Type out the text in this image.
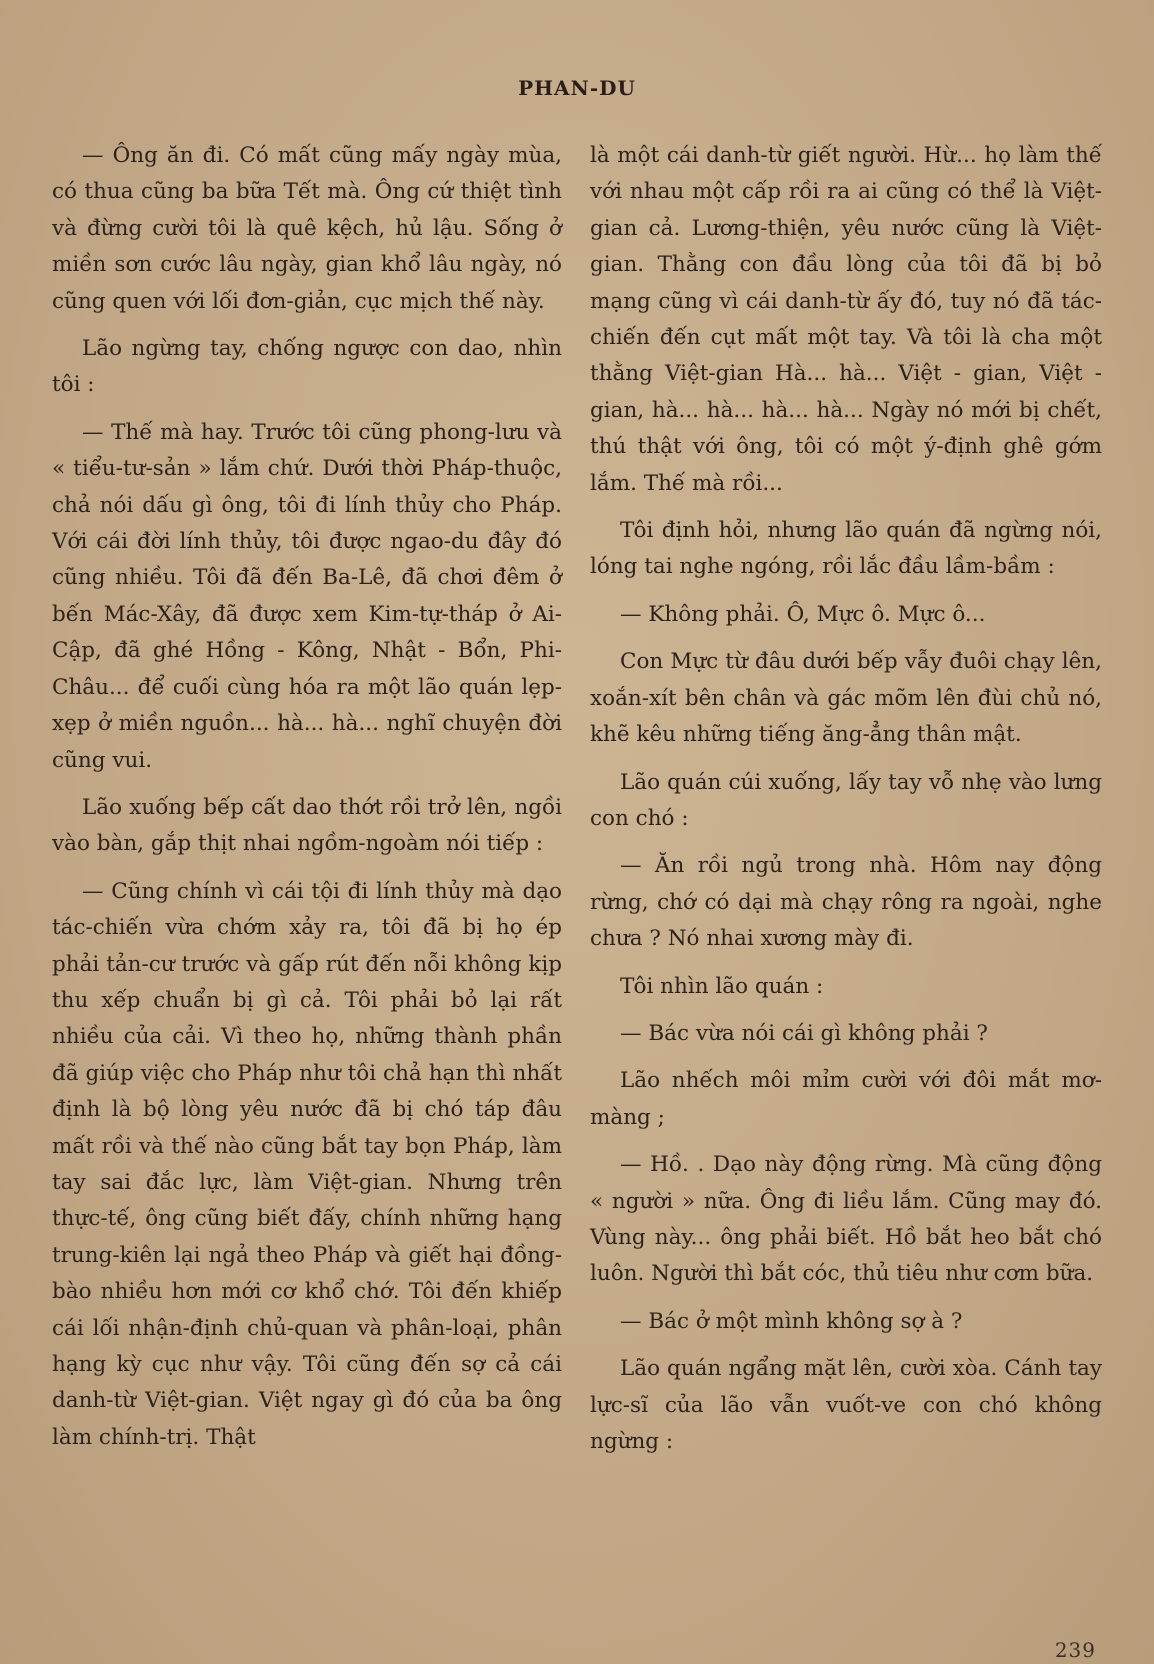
PHAN-DU

— Ông ăn đi. Có mất cũng mấy ngày mùa, có thua cũng ba bữa Tết mà. Ông cứ thiệt tình và đừng cười tôi là quê kệch, hủ lậu. Sống ở miền sơn cước lâu ngày, gian khổ lâu ngày, nó cũng quen với lối đơn-giản, cục mịch thế này.

Lão ngừng tay, chống ngược con dao, nhìn tôi :

— Thế mà hay. Trước tôi cũng phong-lưu và « tiểu-tư-sản » lắm chứ. Dưới thời Pháp-thuộc, chả nói dấu gì ông, tôi đi lính thủy cho Pháp. Với cái đời lính thủy, tôi được ngao-du đây đó cũng nhiều. Tôi đã đến Ba-Lê, đã chơi đêm ở bến Mác-Xây, đã được xem Kim-tự-tháp ở Ai-Cập, đã ghé Hồng - Kông, Nhật - Bổn, Phi-Châu... để cuối cùng hóa ra một lão quán lẹp-xẹp ở miền nguồn... hà... hà... nghĩ chuyện đời cũng vui.

Lão xuống bếp cất dao thớt rồi trở lên, ngồi vào bàn, gắp thịt nhai ngồm-ngoàm nói tiếp :

— Cũng chính vì cái tội đi lính thủy mà dạo tác-chiến vừa chớm xảy ra, tôi đã bị họ ép phải tản-cư trước và gấp rút đến nỗi không kịp thu xếp chuẩn bị gì cả. Tôi phải bỏ lại rất nhiều của cải. Vì theo họ, những thành phần đã giúp việc cho Pháp như tôi chả hạn thì nhất định là bộ lòng yêu nước đã bị chó táp đâu mất rồi và thế nào cũng bắt tay bọn Pháp, làm tay sai đắc lực, làm Việt-gian. Nhưng trên thực-tế, ông cũng biết đấy, chính những hạng trung-kiên lại ngả theo Pháp và giết hại đồng-bào nhiều hơn mới cơ khổ chớ. Tôi đến khiếp cái lối nhận-định chủ-quan và phân-loại, phân hạng kỳ cục như vậy. Tôi cũng đến sợ cả cái danh-từ Việt-gian. Việt ngay gì đó của ba ông làm chính-trị. Thật

là một cái danh-từ giết người. Hừ... họ làm thế với nhau một cấp rồi ra ai cũng có thể là Việt-gian cả. Lương-thiện, yêu nước cũng là Việt-gian. Thằng con đầu lòng của tôi đã bị bỏ mạng cũng vì cái danh-từ ấy đó, tuy nó đã tác-chiến đến cụt mất một tay. Và tôi là cha một thằng Việt-gian Hà... hà... Việt - gian, Việt - gian, hà... hà... hà... hà... Ngày nó mới bị chết, thú thật với ông, tôi có một ý-định ghê gớm lắm. Thế mà rồi...

Tôi định hỏi, nhưng lão quán đã ngừng nói, lóng tai nghe ngóng, rồi lắc đầu lầm-bầm :

— Không phải. Ô, Mực ô. Mực ô...

Con Mực từ đâu dưới bếp vẫy đuôi chạy lên, xoắn-xít bên chân và gác mõm lên đùi chủ nó, khẽ kêu những tiếng ăng-ẳng thân mật.

Lão quán cúi xuống, lấy tay vỗ nhẹ vào lưng con chó :

— Ăn rồi ngủ trong nhà. Hôm nay động rừng, chớ có dại mà chạy rông ra ngoài, nghe chưa ? Nó nhai xương mày đi.

Tôi nhìn lão quán :

— Bác vừa nói cái gì không phải ?

Lão nhếch môi mỉm cười với đôi mắt mơ-màng ;

— Hồ. . Dạo này động rừng. Mà cũng động « người » nữa. Ông đi liều lắm. Cũng may đó. Vùng này... ông phải biết. Hồ bắt heo bắt chó luôn. Người thì bắt cóc, thủ tiêu như cơm bữa.

— Bác ở một mình không sợ à ?

Lão quán ngẩng mặt lên, cười xòa. Cánh tay lực-sĩ của lão vẫn vuốt-ve con chó không ngừng :

239
